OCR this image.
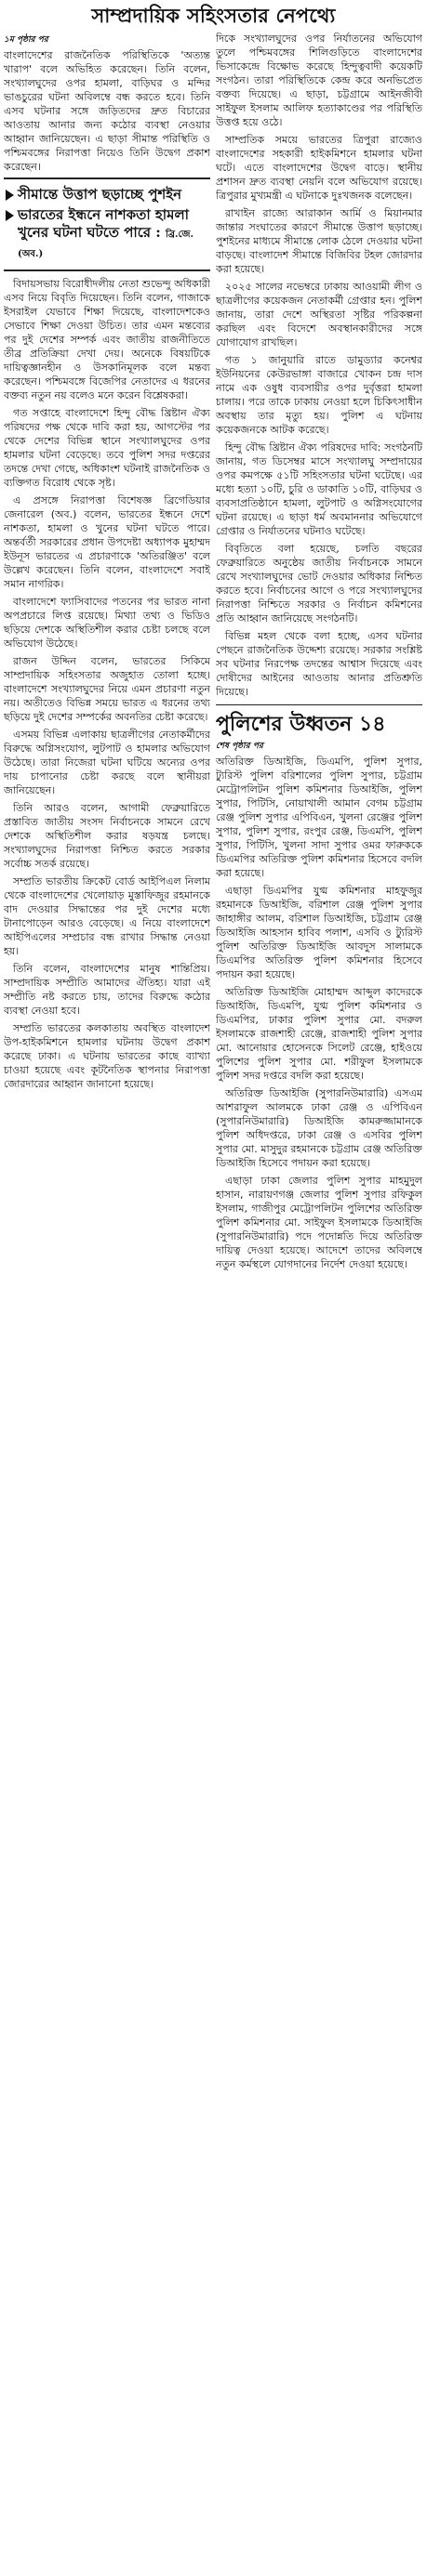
সাম্প্রদায়িক সহিংসতার নেপথ্যে
১ম পৃষ্ঠার পর

বাংলাদেশের রাজনৈতিক পরিস্থিতিকে 'অত্যন্ত খারাপ' বলে অভিহিত করেছেন। তিনি বলেন, সংখ্যালঘুদের ওপর হামলা, বাড়িঘর ও মন্দির ভাঙচুরের ঘটনা অবিলম্বে বন্ধ করতে হবে। তিনি এসব ঘটনার সঙ্গে জড়িতদের দ্রুত বিচারের আওতায় আনার জন্য কঠোর ব্যবস্থা নেওয়ার আহ্বান জানিয়েছেন। এ ছাড়া সীমান্ত পরিস্থিতি ও পশ্চিমবঙ্গের নিরাপত্তা নিয়েও তিনি উদ্বেগ প্রকাশ করেছেন।

সীমান্তে উত্তাপ ছড়াচ্ছে পুশইন
ভারতের ইন্ধনে নাশকতা হামলা খুনের ঘটনা ঘটতে পারে : ব্রি.জে.(অব.)

বিদায়সভায় বিরোধীদলীয় নেতা শুভেন্দু অধিকারী এসব নিয়ে বিবৃতি দিয়েছেন। তিনি বলেন, গাজাকে ইসরাইল যেভাবে শিক্ষা দিয়েছে, বাংলাদেশকেও সেভাবে শিক্ষা দেওয়া উচিত। তার এমন মন্তব্যের পর দুই দেশের সম্পর্ক এবং জাতীয় রাজনীতিতে তীব্র প্রতিক্রিয়া দেখা দেয়। অনেকে বিষয়টিকে দায়িত্বজ্ঞানহীন ও উসকানিমূলক বলে মন্তব্য করেছেন। পশ্চিমবঙ্গে বিজেপির নেতাদের এ ধরনের বক্তব্য নতুন নয় বলেও মনে করেন বিশ্লেষকরা।

গত সপ্তাহে বাংলাদেশে হিন্দু বৌদ্ধ খ্রিষ্টান ঐক্য পরিষদের পক্ষ থেকে দাবি করা হয়, আগস্টের পর থেকে দেশের বিভিন্ন স্থানে সংখ্যালঘুদের ওপর হামলার ঘটনা বেড়েছে। তবে পুলিশ সদর দপ্তরের তদন্তে দেখা গেছে, অধিকাংশ ঘটনাই রাজনৈতিক ও ব্যক্তিগত বিরোধ থেকে সৃষ্ট।

এ প্রসঙ্গে নিরাপত্তা বিশেষজ্ঞ ব্রিগেডিয়ার জেনারেল (অব.) বলেন, ভারতের ইন্ধনে দেশে নাশকতা, হামলা ও খুনের ঘটনা ঘটতে পারে। অন্তর্বর্তী সরকারের প্রধান উপদেষ্টা অধ্যাপক মুহাম্মদ ইউনূস ভারতের এ প্রচারণাকে 'অতিরঞ্জিত' বলে উল্লেখ করেছেন। তিনি বলেন, বাংলাদেশে সবাই সমান নাগরিক।

বাংলাদেশে ফ্যাসিবাদের পতনের পর ভারত নানা অপপ্রচারে লিপ্ত রয়েছে। মিথ্যা তথ্য ও ভিডিও ছড়িয়ে দেশকে অস্থিতিশীল করার চেষ্টা চলছে বলে অভিযোগ উঠেছে।

রাজন উদ্দিন বলেন, ভারতের সিকিমে সাম্প্রদায়িক সহিংসতার অজুহাত তোলা হচ্ছে। বাংলাদেশে সংখ্যালঘুদের নিয়ে এমন প্রচারণা নতুন নয়। অতীতেও বিভিন্ন সময়ে ভারত এ ধরনের তথ্য ছড়িয়ে দুই দেশের সম্পর্কের অবনতির চেষ্টা করেছে।

এসময় বিভিন্ন এলাকায় ছাত্রলীগের নেতাকর্মীদের বিরুদ্ধে অগ্নিসংযোগ, লুটপাট ও হামলার অভিযোগ উঠেছে। তারা নিজেরা ঘটনা ঘটিয়ে অন্যের ওপর দায় চাপানোর চেষ্টা করছে বলে স্থানীয়রা জানিয়েছেন।

তিনি আরও বলেন, আগামী ফেব্রুয়ারিতে প্রস্তাবিত জাতীয় সংসদ নির্বাচনকে সামনে রেখে দেশকে অস্থিতিশীল করার ষড়যন্ত্র চলছে। সংখ্যালঘুদের নিরাপত্তা নিশ্চিত করতে সরকার সর্বোচ্চ সতর্ক রয়েছে।

সম্প্রতি ভারতীয় ক্রিকেট বোর্ড আইপিএল নিলাম থেকে বাংলাদেশের খেলোয়াড় মুস্তাফিজুর রহমানকে বাদ দেওয়ার সিদ্ধান্তের পর দুই দেশের মধ্যে টানাপোড়েন আরও বেড়েছে। এ নিয়ে বাংলাদেশে আইপিএলের সম্প্রচার বন্ধ রাখার সিদ্ধান্ত নেওয়া হয়।

তিনি বলেন, বাংলাদেশের মানুষ শান্তিপ্রিয়। সাম্প্রদায়িক সম্প্রীতি আমাদের ঐতিহ্য। যারা এই সম্প্রীতি নষ্ট করতে চায়, তাদের বিরুদ্ধে কঠোর ব্যবস্থা নেওয়া হবে।

সম্প্রতি ভারতের কলকাতায় অবস্থিত বাংলাদেশ উপ-হাইকমিশনে হামলার ঘটনায় উদ্বেগ প্রকাশ করেছে ঢাকা। এ ঘটনায় ভারতের কাছে ব্যাখ্যা চাওয়া হয়েছে এবং কূটনৈতিক স্থাপনার নিরাপত্তা জোরদারের আহ্বান জানানো হয়েছে।

দিকে সংখ্যালঘুদের ওপর নির্যাতনের অভিযোগ তুলে পশ্চিমবঙ্গের শিলিগুড়িতে বাংলাদেশের ভিসাকেন্দ্রে বিক্ষোভ করেছে হিন্দুত্ববাদী কয়েকটি সংগঠন। তারা পরিস্থিতিকে কেন্দ্র করে অনভিপ্রেত বক্তব্য দিয়েছে। এ ছাড়া, চট্টগ্রামে আইনজীবী সাইফুল ইসলাম আলিফ হত্যাকাণ্ডের পর পরিস্থিতি উত্তপ্ত হয়ে ওঠে।

সাম্প্রতিক সময়ে ভারতের ত্রিপুরা রাজ্যেও বাংলাদেশের সহকারী হাইকমিশনে হামলার ঘটনা ঘটে। এতে বাংলাদেশের উদ্বেগ বাড়ে। স্থানীয় প্রশাসন দ্রুত ব্যবস্থা নেয়নি বলে অভিযোগ রয়েছে। ত্রিপুরার মুখ্যমন্ত্রী এ ঘটনাকে দুঃখজনক বলেছেন।

রাখাইন রাজ্যে আরাকান আর্মি ও মিয়ানমার জান্তার সংঘাতের কারণে সীমান্তে উত্তাপ ছড়াচ্ছে। পুশইনের মাধ্যমে সীমান্তে লোক ঠেলে দেওয়ার ঘটনা বাড়ছে। বাংলাদেশ সীমান্তে বিজিবির টহল জোরদার করা হয়েছে।

২০২৫ সালের নভেম্বরে ঢাকায় আওয়ামী লীগ ও ছাত্রলীগের কয়েকজন নেতাকর্মী গ্রেপ্তার হন। পুলিশ জানায়, তারা দেশে অস্থিরতা সৃষ্টির পরিকল্পনা করছিল এবং বিদেশে অবস্থানকারীদের সঙ্গে যোগাযোগ রাখছিল।

গত ১ জানুয়ারি রাতে ডামুড্যার কনেশ্বর ইউনিয়নের কেউরভাঙ্গা বাজারে খোকন চন্দ্র দাস নামে এক ওষুধ ব্যবসায়ীর ওপর দুর্বৃত্তরা হামলা চালায়। পরে তাকে ঢাকায় নেওয়া হলে চিকিৎসাধীন অবস্থায় তার মৃত্যু হয়। পুলিশ এ ঘটনায় কয়েকজনকে আটক করেছে।

হিন্দু বৌদ্ধ খ্রিষ্টান ঐক্য পরিষদের দাবি: সংগঠনটি জানায়, গত ডিসেম্বর মাসে সংখ্যালঘু সম্প্রদায়ের ওপর কমপক্ষে ৫১টি সহিংসতার ঘটনা ঘটেছে। এর মধ্যে হত্যা ১০টি, চুরি ও ডাকাতি ১০টি, বাড়িঘর ও ব্যবসাপ্রতিষ্ঠানে হামলা, লুটপাট ও অগ্নিসংযোগের ঘটনা রয়েছে। এ ছাড়া ধর্ম অবমাননার অভিযোগে গ্রেপ্তার ও নির্যাতনের ঘটনাও ঘটেছে।

বিবৃতিতে বলা হয়েছে, চলতি বছরের ফেব্রুয়ারিতে অনুষ্ঠেয় জাতীয় নির্বাচনকে সামনে রেখে সংখ্যালঘুদের ভোট দেওয়ার অধিকার নিশ্চিত করতে হবে। নির্বাচনের আগে ও পরে সংখ্যালঘুদের নিরাপত্তা নিশ্চিতে সরকার ও নির্বাচন কমিশনের প্রতি আহ্বান জানিয়েছে সংগঠনটি।

বিভিন্ন মহল থেকে বলা হচ্ছে, এসব ঘটনার পেছনে রাজনৈতিক উদ্দেশ্য রয়েছে। সরকার সংশ্লিষ্ট সব ঘটনার নিরপেক্ষ তদন্তের আশ্বাস দিয়েছে এবং দোষীদের আইনের আওতায় আনার প্রতিশ্রুতি দিয়েছে।

পুলিশের উধ্বতন ১৪
শেষ পৃষ্ঠার পর

অতিরিক্ত ডিআইজি, ডিএমপি, পুলিশ সুপার, ট্যুরিস্ট পুলিশ বরিশালের পুলিশ সুপার, চট্টগ্রাম মেট্রোপলিটন পুলিশ কমিশনার ডিআইজি, পুলিশ সুপার, পিটিসি, নোয়াখালী আমান বেগম চট্টগ্রাম রেঞ্জ পুলিশ সুপার এপিবিএন, খুলনা রেঞ্জের পুলিশ সুপার, পুলিশ সুপার, রংপুর রেঞ্জ, ডিএমপি, পুলিশ সুপার, পিটিসি, খুলনা সাদা সুপার ওমর ফারুককে ডিএমপির অতিরিক্ত পুলিশ কমিশনার হিসেবে বদলি করা হয়েছে।

এছাড়া ডিএমপির যুগ্ম কমিশনার মাহফুজুর রহমানকে ডিআইজি, বরিশাল রেঞ্জ পুলিশ সুপার জাহাঙ্গীর আলম, বরিশাল ডিআইজি, চট্টগ্রাম রেঞ্জ ডিআইজি আহসান হাবিব পলাশ, এসবি ও ট্যুরিস্ট পুলিশ অতিরিক্ত ডিআইজি আবদুস সালামকে ডিএমপির অতিরিক্ত পুলিশ কমিশনার হিসেবে পদায়ন করা হয়েছে।

অতিরিক্ত ডিআইজি মোহাম্মদ আব্দুল কাদেরকে ডিআইজি, ডিএমপি, যুগ্ম পুলিশ কমিশনার ও ডিএমপির, ঢাকার পুলিশ সুপার মো. বদরুল ইসলামকে রাজশাহী রেঞ্জে, রাজশাহী পুলিশ সুপার মো. আনোয়ার হোসেনকে সিলেট রেঞ্জে, হাইওয়ে পুলিশের পুলিশ সুপার মো. শরীফুল ইসলামকে পুলিশ সদর দপ্তরে বদলি করা হয়েছে।

অতিরিক্ত ডিআইজি (সুপারনিউমারারি) এসএম আশরাফুল আলমকে ঢাকা রেঞ্জ ও এপিবিএন (সুপারনিউমারারি) ডিআইজি কামরুজ্জামানকে পুলিশ অধিদপ্তরে, ঢাকা রেঞ্জ ও এসবির পুলিশ সুপার মো. মাসুদুর রহমানকে চট্টগ্রাম রেঞ্জ অতিরিক্ত ডিআইজি হিসেবে পদায়ন করা হয়েছে।

এছাড়া ঢাকা জেলার পুলিশ সুপার মাহমুদুল হাসান, নারায়ণগঞ্জ জেলার পুলিশ সুপার রফিকুল ইসলাম, গাজীপুর মেট্রোপলিটন পুলিশের অতিরিক্ত পুলিশ কমিশনার মো. সাইফুল ইসলামকে ডিআইজি (সুপারনিউমারারি) পদে পদোন্নতি দিয়ে অতিরিক্ত দায়িত্ব দেওয়া হয়েছে। আদেশে তাদের অবিলম্বে নতুন কর্মস্থলে যোগদানের নির্দেশ দেওয়া হয়েছে।
